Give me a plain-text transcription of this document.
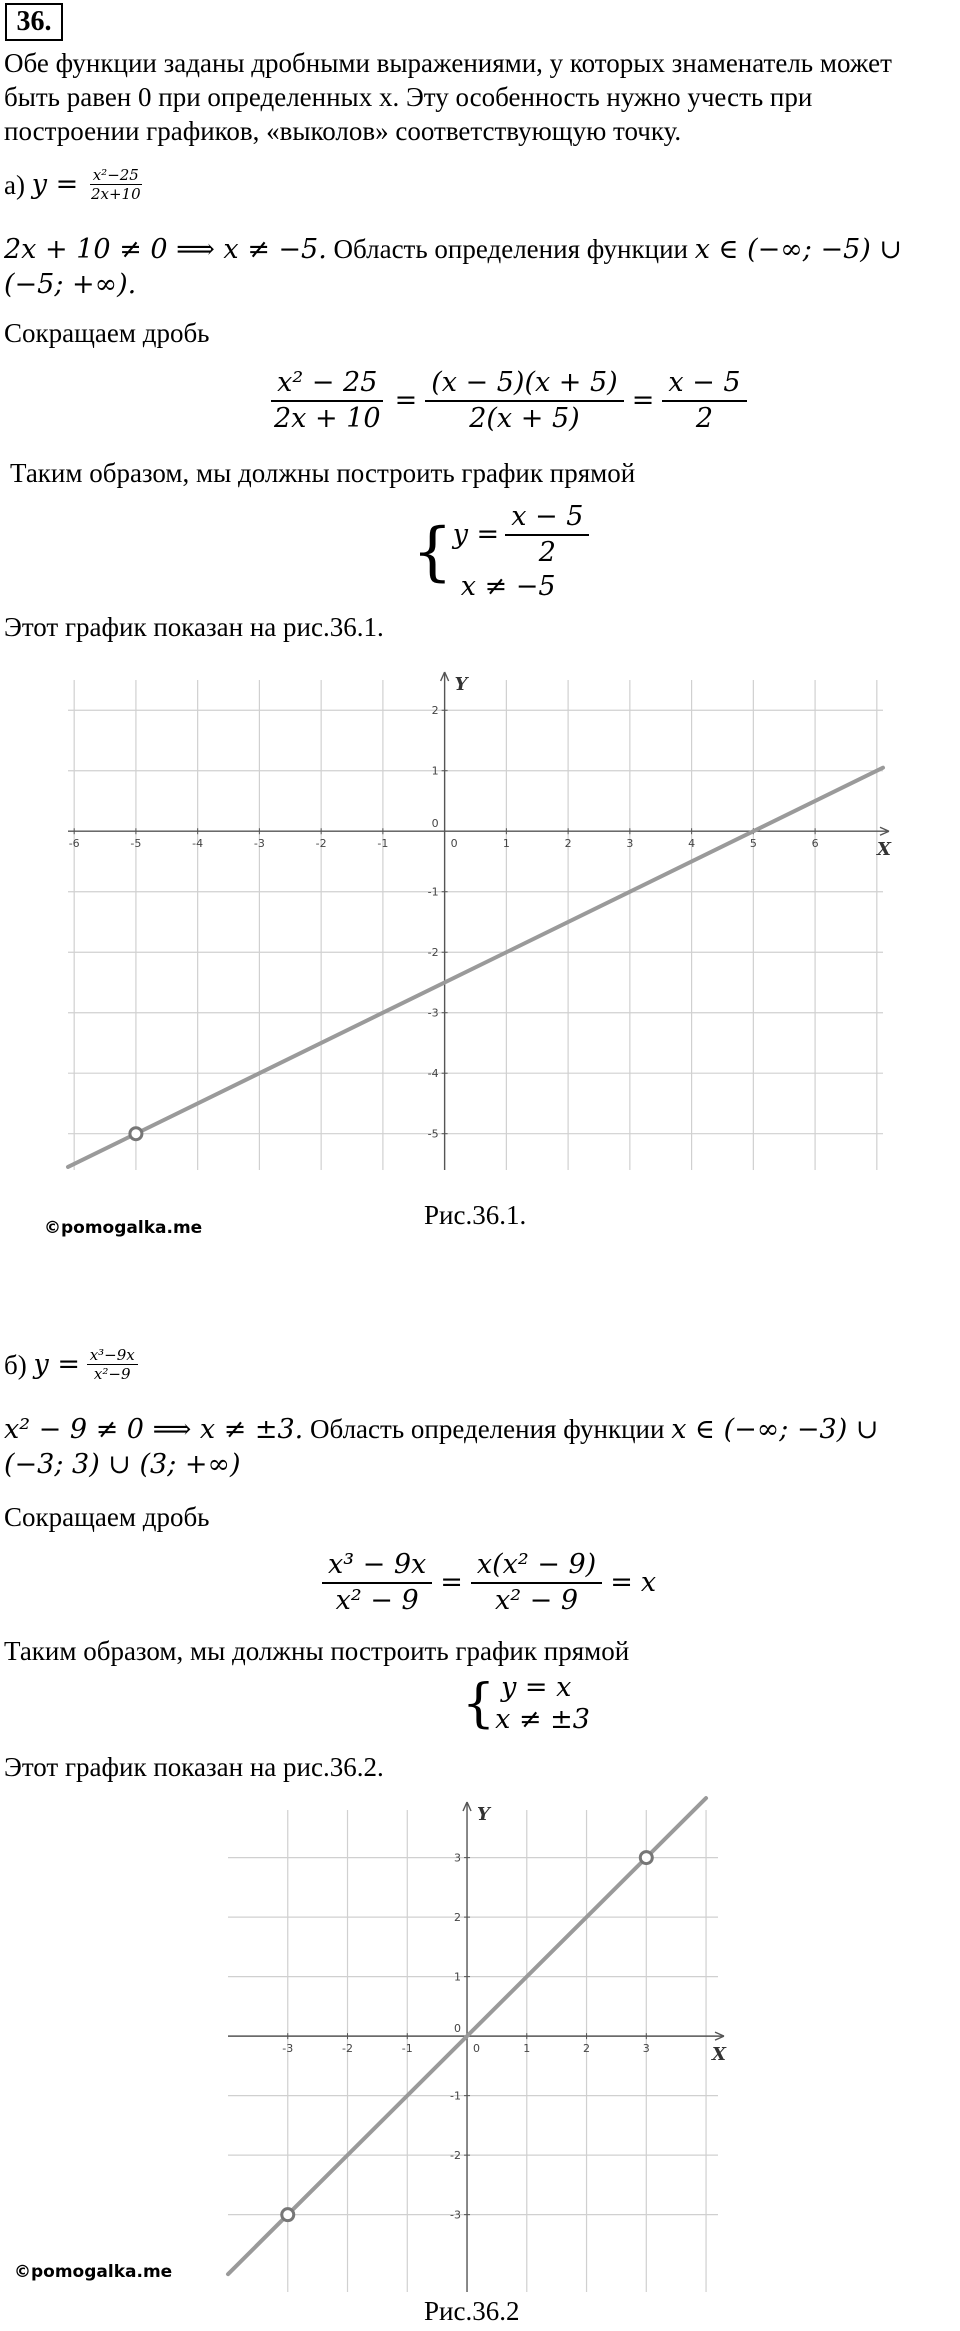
36.
Обе функции заданы дробными выражениями, у которых знаменатель может
быть равен 0 при определенных x. Эту особенность нужно учесть при
построении графиков, «выколов» соответствующую точку.
а)
y =
$\frac{\text{x²−25}}{2x+10}$
2x + 10 ≠ 0 ⟹ x ≠ −5. Область определения функции x ∈ (−∞; −5) ∪
(−5; +∞).
Сокращаем дробь
$\frac{\text{x² − 25}}{2x + 10} = \frac{(x - 5)(x + 5)}{2(x + 5)} = \frac{x - 5}{2}$
Таким образом, мы должны построить график прямой
{ $y = \frac{x - 5}{2}$
x ≠ −5
Этот график показан на рис.36.1.
-6	-5	-4	-3	-2	-1	1	2	3	4	5	6
2
1
0
-1
-2
-3
-4
-5
0	X
Y
©pomogalka.me	Рис.36.1.
б)
y =
$\frac{\text{x³−9x}}{\text{x²−9}}$
x² − 9 ≠ 0 ⟹ x ≠ ±3. Область определения функции x ∈ (−∞; −3) ∪
(−3; 3) ∪ (3; +∞)
Сокращаем дробь
$\frac{\text{x³ − 9x}}{\text{x² − 9}} = \frac{\text{x(x² − 9)}}{\text{x² − 9}} = x$
Таким образом, мы должны построить график прямой
{ y = x
x ≠ ±3
Этот график показан на рис.36.2.
-3	-2	-1	1	2	3
3
2
1
0
-1
-2
-3
0	X
Y
©pomogalka.me
Рис.36.2
